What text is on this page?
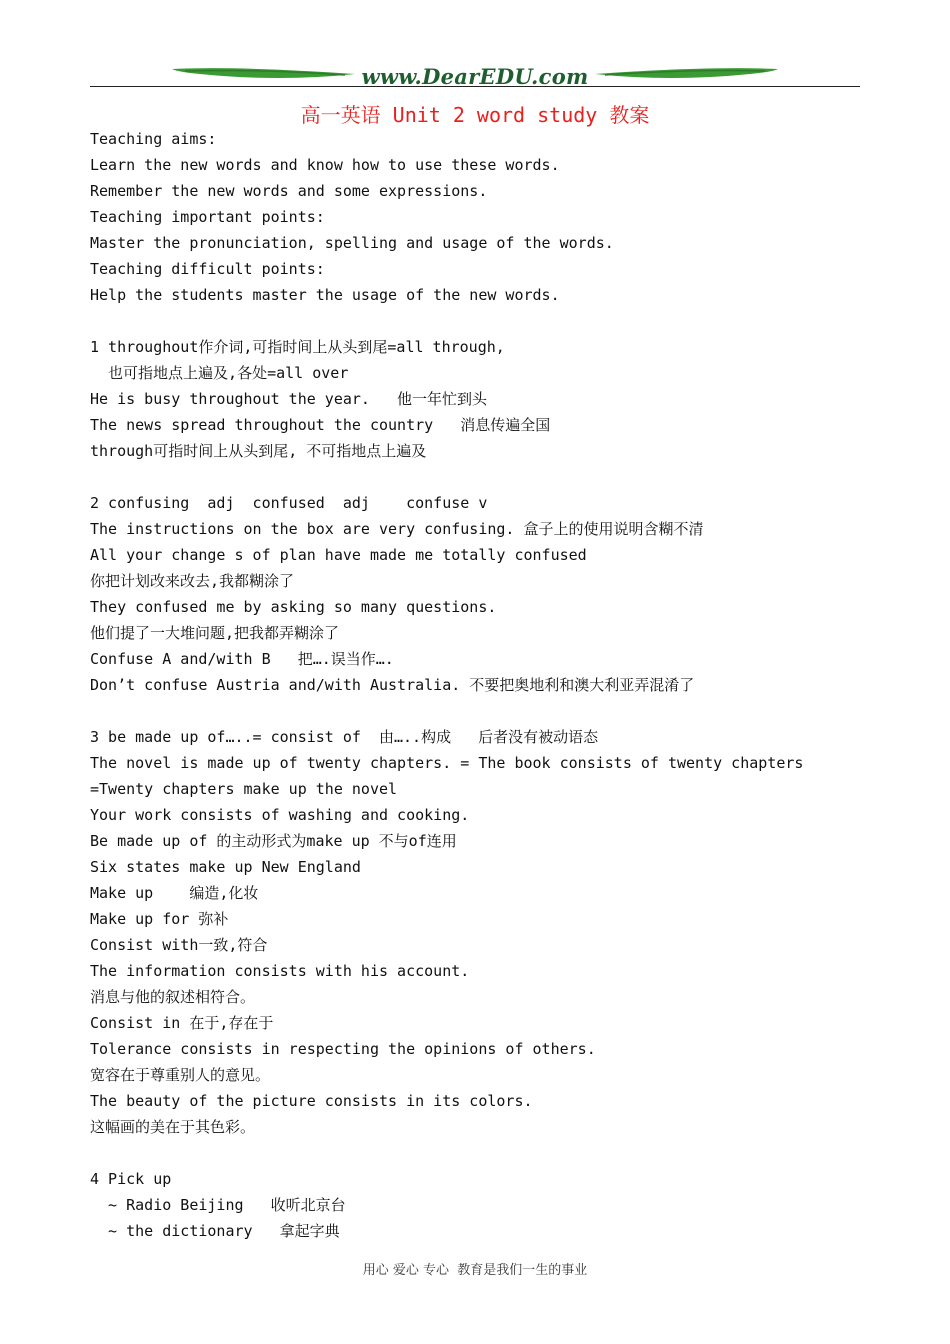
www.DearEDU.com
高一英语 Unit 2 word study 教案
Teaching aims:
Learn the new words and know how to use these words.
Remember the new words and some expressions.
Teaching important points:
Master the pronunciation, spelling and usage of the words.
Teaching difficult points:
Help the students master the usage of the new words.
1 throughout作介词,可指时间上从头到尾=all through,
也可指地点上遍及,各处=all over
He is busy throughout the year.   他一年忙到头
The news spread throughout the country   消息传遍全国
through可指时间上从头到尾, 不可指地点上遍及
2 confusing  adj  confused  adj    confuse v
The instructions on the box are very confusing. 盒子上的使用说明含糊不清
All your change s of plan have made me totally confused
你把计划改来改去,我都糊涂了
They confused me by asking so many questions.
他们提了一大堆问题,把我都弄糊涂了
Confuse A and/with B   把….误当作….
Don’t confuse Austria and/with Australia. 不要把奥地利和澳大利亚弄混淆了
3 be made up of…..= consist of  由…..构成   后者没有被动语态
The novel is made up of twenty chapters. = The book consists of twenty chapters
=Twenty chapters make up the novel
Your work consists of washing and cooking.
Be made up of 的主动形式为make up 不与of连用
Six states make up New England
Make up    编造,化妆
Make up for 弥补
Consist with一致,符合
The information consists with his account.
消息与他的叙述相符合。
Consist in 在于,存在于
Tolerance consists in respecting the opinions of others.
宽容在于尊重别人的意见。
The beauty of the picture consists in its colors.
这幅画的美在于其色彩。
4 Pick up
~ Radio Beijing   收听北京台
~ the dictionary   拿起字典
用心 爱心 专心  教育是我们一生的事业
